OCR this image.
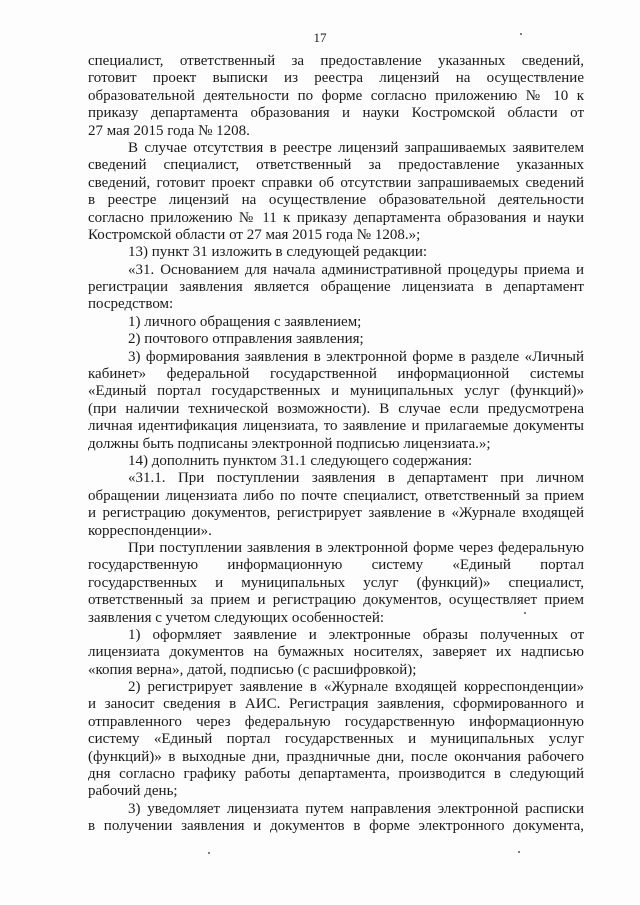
17
специалист, ответственный за предоставление указанных сведений,
готовит проект выписки из реестра лицензий на осуществление
образовательной деятельности по форме согласно приложению № 10 к
приказу департамента образования и науки Костромской области от
27 мая 2015 года № 1208.
В случае отсутствия в реестре лицензий запрашиваемых заявителем
сведений специалист, ответственный за предоставление указанных
сведений, готовит проект справки об отсутствии запрашиваемых сведений
в реестре лицензий на осуществление образовательной деятельности
согласно приложению № 11 к приказу департамента образования и науки
Костромской области от 27 мая 2015 года № 1208.»;
13) пункт 31 изложить в следующей редакции:
«31. Основанием для начала административной процедуры приема и
регистрации заявления является обращение лицензиата в департамент
посредством:
1) личного обращения с заявлением;
2) почтового отправления заявления;
3) формирования заявления в электронной форме в разделе «Личный
кабинет» федеральной государственной информационной системы
«Единый портал государственных и муниципальных услуг (функций)»
(при наличии технической возможности). В случае если предусмотрена
личная идентификация лицензиата, то заявление и прилагаемые документы
должны быть подписаны электронной подписью лицензиата.»;
14) дополнить пунктом 31.1 следующего содержания:
«31.1. При поступлении заявления в департамент при личном
обращении лицензиата либо по почте специалист, ответственный за прием
и регистрацию документов, регистрирует заявление в «Журнале входящей
корреспонденции».
При поступлении заявления в электронной форме через федеральную
государственную информационную систему «Единый портал
государственных и муниципальных услуг (функций)» специалист,
ответственный за прием и регистрацию документов, осуществляет прием
заявления с учетом следующих особенностей:
1) оформляет заявление и электронные образы полученных от
лицензиата документов на бумажных носителях, заверяет их надписью
«копия верна», датой, подписью (с расшифровкой);
2) регистрирует заявление в «Журнале входящей корреспонденции»
и заносит сведения в АИС. Регистрация заявления, сформированного и
отправленного через федеральную государственную информационную
систему «Единый портал государственных и муниципальных услуг
(функций)» в выходные дни, праздничные дни, после окончания рабочего
дня согласно графику работы департамента, производится в следующий
рабочий день;
3) уведомляет лицензиата путем направления электронной расписки
в получении заявления и документов в форме электронного документа,
